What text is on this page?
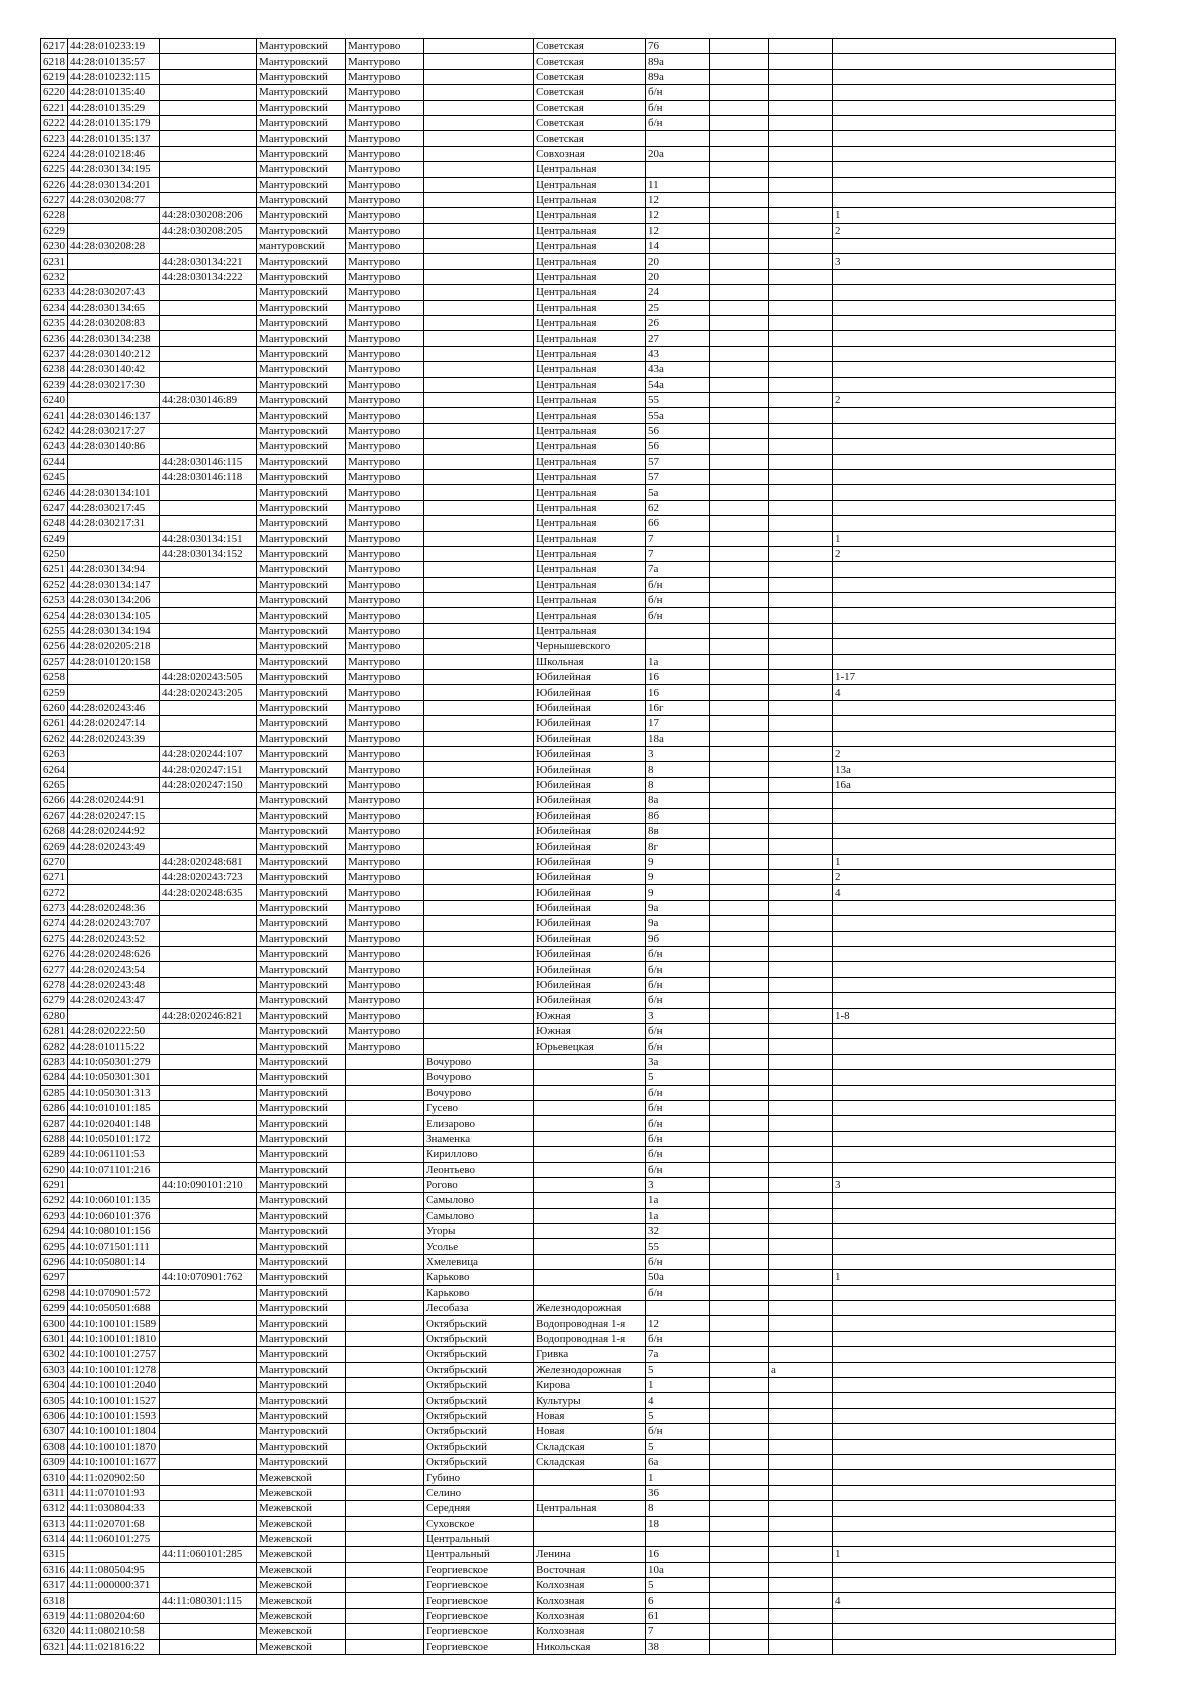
6217	44:28:010233:19		Мантуровский	Мантурово		Советская	76			
6218	44:28:010135:57		Мантуровский	Мантурово		Советская	89а			
6219	44:28:010232:115		Мантуровский	Мантурово		Советская	89а			
6220	44:28:010135:40		Мантуровский	Мантурово		Советская	б/н			
6221	44:28:010135:29		Мантуровский	Мантурово		Советская	б/н			
6222	44:28:010135:179		Мантуровский	Мантурово		Советская	б/н			
6223	44:28:010135:137		Мантуровский	Мантурово		Советская				
6224	44:28:010218:46		Мантуровский	Мантурово		Совхозная	20а			
6225	44:28:030134:195		Мантуровский	Мантурово		Центральная				
6226	44:28:030134:201		Мантуровский	Мантурово		Центральная	11			
6227	44:28:030208:77		Мантуровский	Мантурово		Центральная	12			
6228		44:28:030208:206	Мантуровский	Мантурово		Центральная	12			1
6229		44:28:030208:205	Мантуровский	Мантурово		Центральная	12			2
6230	44:28:030208:28		мантуровский	Мантурово		Центральная	14			
6231		44:28:030134:221	Мантуровский	Мантурово		Центральная	20			3
6232		44:28:030134:222	Мантуровский	Мантурово		Центральная	20			
6233	44:28:030207:43		Мантуровский	Мантурово		Центральная	24			
6234	44:28:030134:65		Мантуровский	Мантурово		Центральная	25			
6235	44:28:030208:83		Мантуровский	Мантурово		Центральная	26			
6236	44:28:030134:238		Мантуровский	Мантурово		Центральная	27			
6237	44:28:030140:212		Мантуровский	Мантурово		Центральная	43			
6238	44:28:030140:42		Мантуровский	Мантурово		Центральная	43а			
6239	44:28:030217:30		Мантуровский	Мантурово		Центральная	54а			
6240		44:28:030146:89	Мантуровский	Мантурово		Центральная	55			2
6241	44:28:030146:137		Мантуровский	Мантурово		Центральная	55а			
6242	44:28:030217:27		Мантуровский	Мантурово		Центральная	56			
6243	44:28:030140:86		Мантуровский	Мантурово		Центральная	56			
6244		44:28:030146:115	Мантуровский	Мантурово		Центральная	57			
6245		44:28:030146:118	Мантуровский	Мантурово		Центральная	57			
6246	44:28:030134:101		Мантуровский	Мантурово		Центральная	5а			
6247	44:28:030217:45		Мантуровский	Мантурово		Центральная	62			
6248	44:28:030217:31		Мантуровский	Мантурово		Центральная	66			
6249		44:28:030134:151	Мантуровский	Мантурово		Центральная	7			1
6250		44:28:030134:152	Мантуровский	Мантурово		Центральная	7			2
6251	44:28:030134:94		Мантуровский	Мантурово		Центральная	7а			
6252	44:28:030134:147		Мантуровский	Мантурово		Центральная	б/н			
6253	44:28:030134:206		Мантуровский	Мантурово		Центральная	б/н			
6254	44:28:030134:105		Мантуровский	Мантурово		Центральная	б/н			
6255	44:28:030134:194		Мантуровский	Мантурово		Центральная				
6256	44:28:020205:218		Мантуровский	Мантурово		Чернышевского				
6257	44:28:010120:158		Мантуровский	Мантурово		Школьная	1а			
6258		44:28:020243:505	Мантуровский	Мантурово		Юбилейная	16			1-17
6259		44:28:020243:205	Мантуровский	Мантурово		Юбилейная	16			4
6260	44:28:020243:46		Мантуровский	Мантурово		Юбилейная	16г			
6261	44:28:020247:14		Мантуровский	Мантурово		Юбилейная	17			
6262	44:28:020243:39		Мантуровский	Мантурово		Юбилейная	18а			
6263		44:28:020244:107	Мантуровский	Мантурово		Юбилейная	3			2
6264		44:28:020247:151	Мантуровский	Мантурово		Юбилейная	8			13а
6265		44:28:020247:150	Мантуровский	Мантурово		Юбилейная	8			16а
6266	44:28:020244:91		Мантуровский	Мантурово		Юбилейная	8а			
6267	44:28:020247:15		Мантуровский	Мантурово		Юбилейная	8б			
6268	44:28:020244:92		Мантуровский	Мантурово		Юбилейная	8в			
6269	44:28:020243:49		Мантуровский	Мантурово		Юбилейная	8г			
6270		44:28:020248:681	Мантуровский	Мантурово		Юбилейная	9			1
6271		44:28:020243:723	Мантуровский	Мантурово		Юбилейная	9			2
6272		44:28:020248:635	Мантуровский	Мантурово		Юбилейная	9			4
6273	44:28:020248:36		Мантуровский	Мантурово		Юбилейная	9а			
6274	44:28:020243:707		Мантуровский	Мантурово		Юбилейная	9а			
6275	44:28:020243:52		Мантуровский	Мантурово		Юбилейная	9б			
6276	44:28:020248:626		Мантуровский	Мантурово		Юбилейная	б/н			
6277	44:28:020243:54		Мантуровский	Мантурово		Юбилейная	б/н			
6278	44:28:020243:48		Мантуровский	Мантурово		Юбилейная	б/н			
6279	44:28:020243:47		Мантуровский	Мантурово		Юбилейная	б/н			
6280		44:28:020246:821	Мантуровский	Мантурово		Южная	3			1-8
6281	44:28:020222:50		Мантуровский	Мантурово		Южная	б/н			
6282	44:28:010115:22		Мантуровский	Мантурово		Юрьевецкая	б/н			
6283	44:10:050301:279		Мантуровский		Вочурово		3а			
6284	44:10:050301:301		Мантуровский		Вочурово		5			
6285	44:10:050301:313		Мантуровский		Вочурово		б/н			
6286	44:10:010101:185		Мантуровский		Гусево		б/н			
6287	44:10:020401:148		Мантуровский		Елизарово		б/н			
6288	44:10:050101:172		Мантуровский		Знаменка		б/н			
6289	44:10:061101:53		Мантуровский		Кириллово		б/н			
6290	44:10:071101:216		Мантуровский		Леонтьево		б/н			
6291		44:10:090101:210	Мантуровский		Рогово		3			3
6292	44:10:060101:135		Мантуровский		Самылово		1а			
6293	44:10:060101:376		Мантуровский		Самылово		1а			
6294	44:10:080101:156		Мантуровский		Угоры		32			
6295	44:10:071501:111		Мантуровский		Усолье		55			
6296	44:10:050801:14		Мантуровский		Хмелевица		б/н			
6297		44:10:070901:762	Мантуровский		Карьково		50а			1
6298	44:10:070901:572		Мантуровский		Карьково		б/н			
6299	44:10:050501:688		Мантуровский		Лесобаза	Железнодорожная				
6300	44:10:100101:1589		Мантуровский		Октябрьский	Водопроводная 1-я	12			
6301	44:10:100101:1810		Мантуровский		Октябрьский	Водопроводная 1-я	б/н			
6302	44:10:100101:2757		Мантуровский		Октябрьский	Гривка	7а			
6303	44:10:100101:1278		Мантуровский		Октябрьский	Железнодорожная	5		а	
6304	44:10:100101:2040		Мантуровский		Октябрьский	Кирова	1			
6305	44:10:100101:1527		Мантуровский		Октябрьский	Культуры	4			
6306	44:10:100101:1593		Мантуровский		Октябрьский	Новая	5			
6307	44:10:100101:1804		Мантуровский		Октябрьский	Новая	б/н			
6308	44:10:100101:1870		Мантуровский		Октябрьский	Складская	5			
6309	44:10:100101:1677		Мантуровский		Октябрьский	Складская	6а			
6310	44:11:020902:50		Межевской		Губино		1			
6311	44:11:070101:93		Межевской		Селино		36			
6312	44:11:030804:33		Межевской		Середняя	Центральная	8			
6313	44:11:020701:68		Межевской		Суховское		18			
6314	44:11:060101:275		Межевской		Центральный					
6315		44:11:060101:285	Межевской		Центральный	Ленина	16			1
6316	44:11:080504:95		Межевской		Георгиевское	Восточная	10а			
6317	44:11:000000:371		Межевской		Георгиевское	Колхозная	5			
6318		44:11:080301:115	Межевской		Георгиевское	Колхозная	6			4
6319	44:11:080204:60		Межевской		Георгиевское	Колхозная	61			
6320	44:11:080210:58		Межевской		Георгиевское	Колхозная	7			
6321	44:11:021816:22		Межевской		Георгиевское	Никольская	38			
